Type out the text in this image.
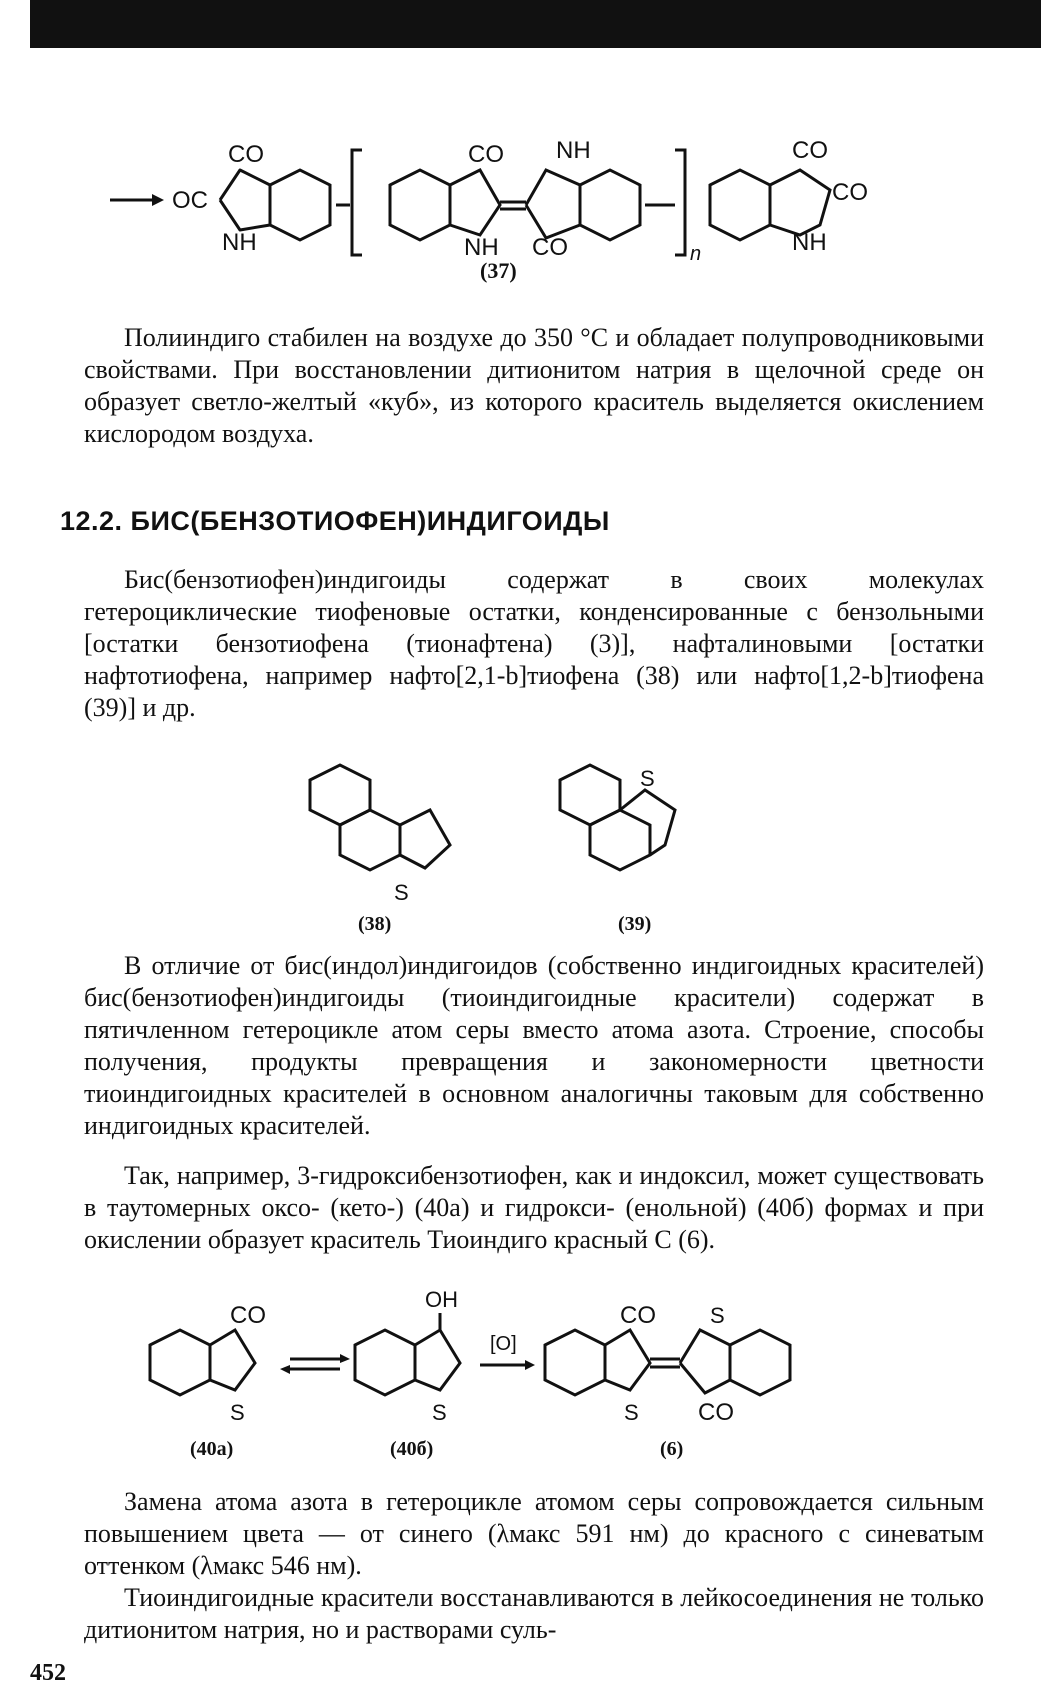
CO
OC
NH
CO
NH
NH
CO	n
CO
CO
NH
(37)
Полииндиго стабилен на воздухе до 350 °С и обладает полупроводниковыми свойствами. При восстановлении дитионитом натрия в щелочной среде он образует светло-желтый «куб», из которого краситель выделяется окислением кислородом воздуха.
12.2. БИС(БЕНЗОТИОФЕН)ИНДИГОИДЫ
Бис(бензотиофен)индигоиды содержат в своих молекулах гетероциклические тиофеновые остатки, конденсированные с бензольными [остатки бензотиофена (тионафтена) (3)], нафталиновыми [остатки нафтотиофена, например нафто[2,1-b]тиофена (38) или нафто[1,2-b]тиофена (39)] и др.
S
(38)
S
(39)
В отличие от бис(индол)индигоидов (собственно индигоидных красителей) бис(бензотиофен)индигоиды (тиоиндигоидные красители) содержат в пятичленном гетероцикле атом серы вместо атома азота. Строение, способы получения, продукты превращения и закономерности цветности тиоиндигоидных красителей в основном аналогичны таковым для собственно индигоидных красителей.
Так, например, 3-гидроксибензотиофен, как и индоксил, может существовать в таутомерных оксо- (кето-) (40а) и гидрокси- (енольной) (40б) формах и при окислении образует краситель Тиоиндиго красный С (6).
CO
S
(40а)
OH
S
(40б)
[O]
CO
S
S
CO
(6)
Замена атома азота в гетероцикле атомом серы сопровождается сильным повышением цвета — от синего (λмакс 591 нм) до красного с синеватым оттенком (λмакс 546 нм).
Тиоиндигоидные красители восстанавливаются в лейкосоединения не только дитионитом натрия, но и растворами суль-
452
